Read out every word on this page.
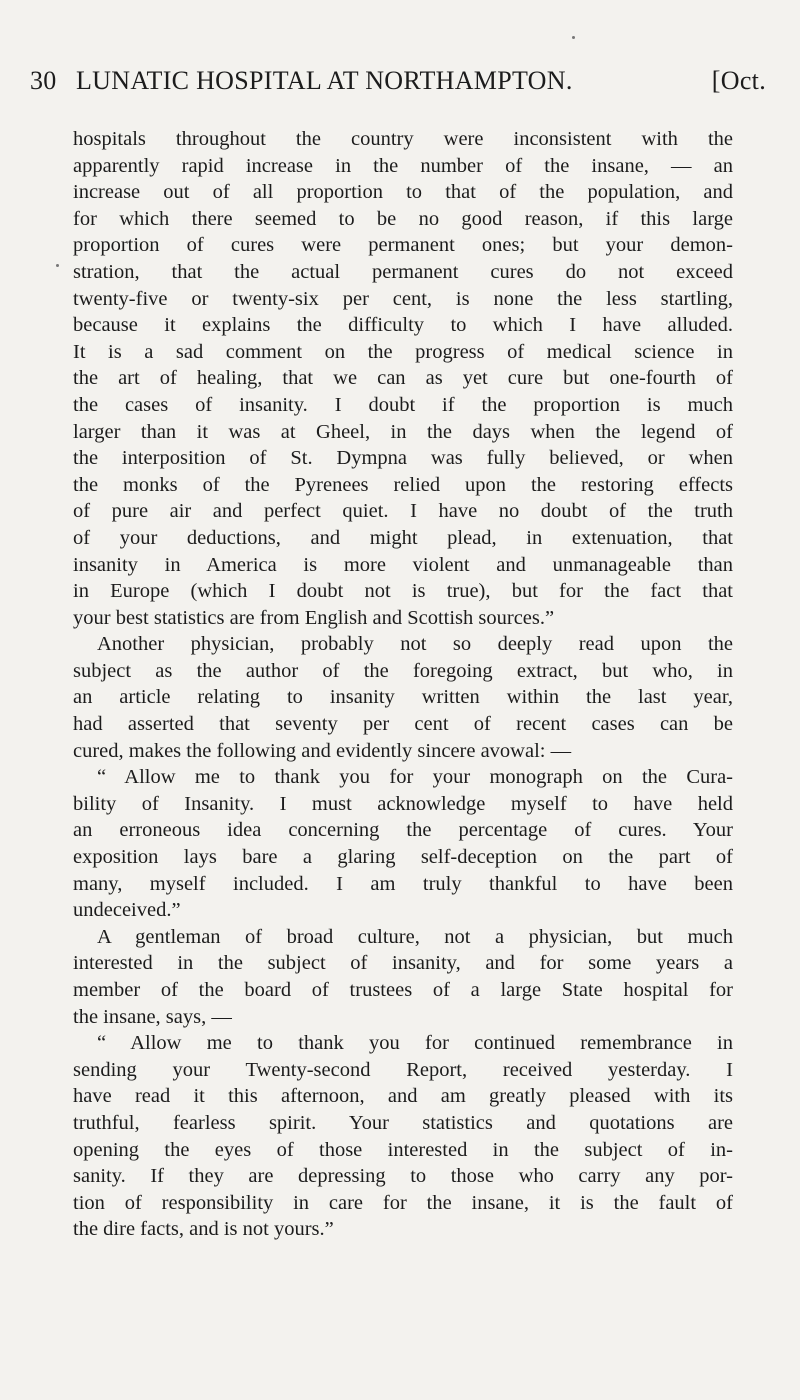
30 LUNATIC HOSPITAL AT NORTHAMPTON.	[Oct.
hospitals throughout the country were inconsistent with the
apparently rapid increase in the number of the insane, — an
increase out of all proportion to that of the population, and
for which there seemed to be no good reason, if this large
proportion of cures were permanent ones; but your demon-
stration, that the actual permanent cures do not exceed
twenty-five or twenty-six per cent, is none the less startling,
because it explains the difficulty to which I have alluded.
It is a sad comment on the progress of medical science in
the art of healing, that we can as yet cure but one-fourth of
the cases of insanity. I doubt if the proportion is much
larger than it was at Gheel, in the days when the legend of
the interposition of St. Dympna was fully believed, or when
the monks of the Pyrenees relied upon the restoring effects
of pure air and perfect quiet. I have no doubt of the truth
of your deductions, and might plead, in extenuation, that
insanity in America is more violent and unmanageable than
in Europe (which I doubt not is true), but for the fact that
your best statistics are from English and Scottish sources.”
Another physician, probably not so deeply read upon the
subject as the author of the foregoing extract, but who, in
an article relating to insanity written within the last year,
had asserted that seventy per cent of recent cases can be
cured, makes the following and evidently sincere avowal: —
“ Allow me to thank you for your monograph on the Cura-
bility of Insanity. I must acknowledge myself to have held
an erroneous idea concerning the percentage of cures. Your
exposition lays bare a glaring self-deception on the part of
many, myself included. I am truly thankful to have been
undeceived.”
A gentleman of broad culture, not a physician, but much
interested in the subject of insanity, and for some years a
member of the board of trustees of a large State hospital for
the insane, says, —
“ Allow me to thank you for continued remembrance in
sending your Twenty-second Report, received yesterday. I
have read it this afternoon, and am greatly pleased with its
truthful, fearless spirit. Your statistics and quotations are
opening the eyes of those interested in the subject of in-
sanity. If they are depressing to those who carry any por-
tion of responsibility in care for the insane, it is the fault of
the dire facts, and is not yours.”
